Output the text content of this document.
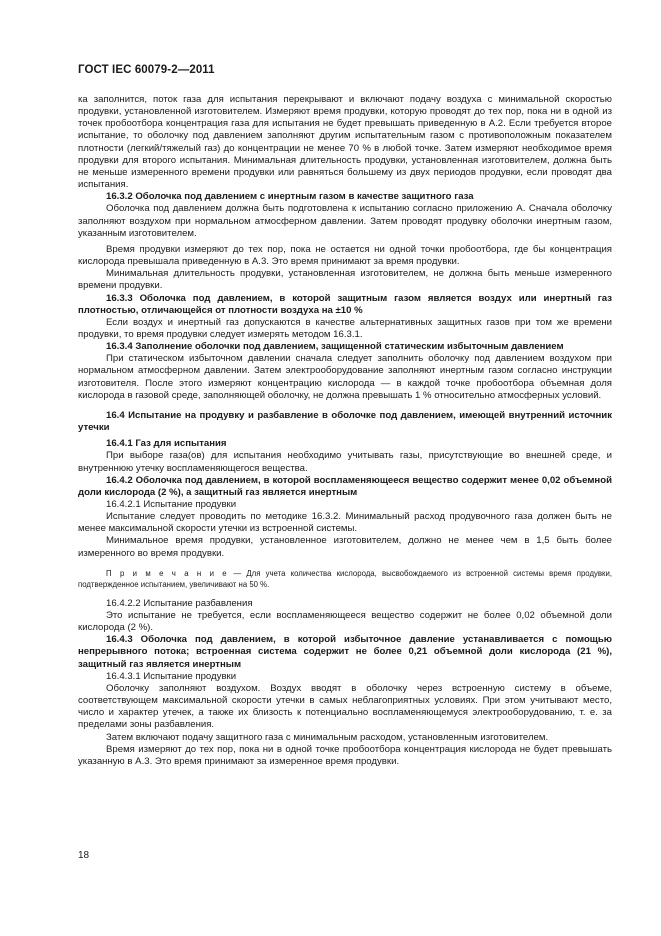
ГОСТ IEC 60079-2—2011

ка заполнится, поток газа для испытания перекрывают и включают подачу воздуха с минимальной скоростью продувки, установленной изготовителем. Измеряют время продувки, которую проводят до тех пор, пока ни в одной из точек пробоотбора концентрация газа для испытания не будет превышать приведенную в А.2. Если требуется второе испытание, то оболочку под давлением заполняют другим испытательным газом с противоположным показателем плотности (легкий/тяжелый газ) до концентрации не менее 70 % в любой точке. Затем измеряют необходимое время продувки для второго испытания. Минимальная длительность продувки, установленная изготовителем, должна быть не меньше измеренного времени продувки или равняться большему из двух периодов продувки, если проводят два испытания.

16.3.2 Оболочка под давлением с инертным газом в качестве защитного газа

Оболочка под давлением должна быть подготовлена к испытанию согласно приложению А. Сначала оболочку заполняют воздухом при нормальном атмосферном давлении. Затем проводят продувку оболочки инертным газом, указанным изготовителем.

Время продувки измеряют до тех пор, пока не остается ни одной точки пробоотбора, где бы концентрация кислорода превышала приведенную в А.3. Это время принимают за время продувки.

Минимальная длительность продувки, установленная изготовителем, не должна быть меньше измеренного времени продувки.

16.3.3 Оболочка под давлением, в которой защитным газом является воздух или инертный газ плотностью, отличающейся от плотности воздуха на ±10 %

Если воздух и инертный газ допускаются в качестве альтернативных защитных газов при том же времени продувки, то время продувки следует измерять методом 16.3.1.

16.3.4 Заполнение оболочки под давлением, защищенной статическим избыточным давлением

При статическом избыточном давлении сначала следует заполнить оболочку под давлением воздухом при нормальном атмосферном давлении. Затем электрооборудование заполняют инертным газом согласно инструкции изготовителя. После этого измеряют концентрацию кислорода — в каждой точке пробоотбора объемная доля кислорода в газовой среде, заполняющей оболочку, не должна превышать 1 % относительно атмосферных условий.

16.4 Испытание на продувку и разбавление в оболочке под давлением, имеющей внутренний источник утечки

16.4.1 Газ для испытания

При выборе газа(ов) для испытания необходимо учитывать газы, присутствующие во внешней среде, и внутреннюю утечку воспламеняющегося вещества.

16.4.2 Оболочка под давлением, в которой воспламеняющееся вещество содержит менее 0,02 объемной доли кислорода (2 %), а защитный газ является инертным

16.4.2.1 Испытание продувки

Испытание следует проводить по методике 16.3.2. Минимальный расход продувочного газа должен быть не менее максимальной скорости утечки из встроенной системы.

Минимальное время продувки, установленное изготовителем, должно не менее чем в 1,5 быть более измеренного во время продувки.

П р и м е ч а н и е — Для учета количества кислорода, высвобождаемого из встроенной системы время продувки, подтвержденное испытанием, увеличивают на 50 %.

16.4.2.2 Испытание разбавления

Это испытание не требуется, если воспламеняющееся вещество содержит не более 0,02 объемной доли кислорода (2 %).

16.4.3 Оболочка под давлением, в которой избыточное давление устанавливается с помощью непрерывного потока; встроенная система содержит не более 0,21 объемной доли кислорода (21 %), защитный газ является инертным

16.4.3.1 Испытание продувки

Оболочку заполняют воздухом. Воздух вводят в оболочку через встроенную систему в объеме, соответствующем максимальной скорости утечки в самых неблагоприятных условиях. При этом учитывают место, число и характер утечек, а также их близость к потенциально воспламеняющемуся электрооборудованию, т. е. за пределами зоны разбавления.

Затем включают подачу защитного газа с минимальным расходом, установленным изготовителем.

Время измеряют до тех пор, пока ни в одной точке пробоотбора концентрация кислорода не будет превышать указанную в А.3. Это время принимают за измеренное время продувки.

18
